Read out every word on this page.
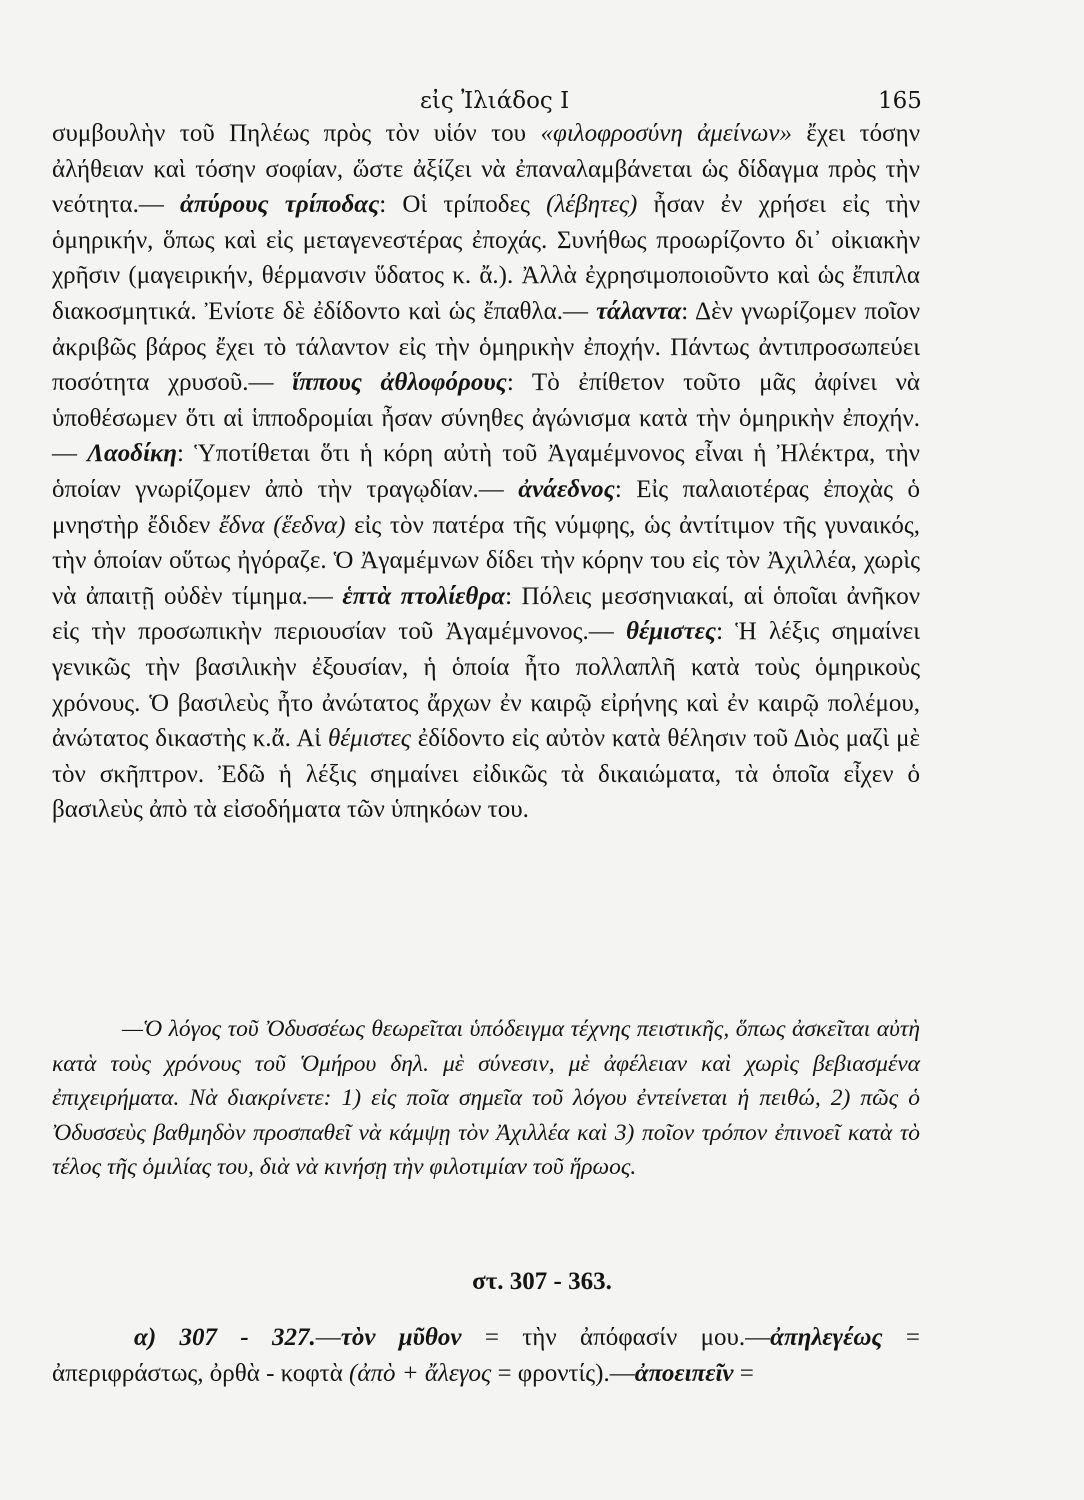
εἰς Ἰλιάδος Ι	165

συμβουλὴν τοῦ Πηλέως πρὸς τὸν υἱόν του «φιλοφροσύνη ἀμείνων» ἔχει τόσην ἀλήθειαν καὶ τόσην σοφίαν, ὥστε ἀξίζει νὰ ἐπαναλαμβάνεται ὡς δίδαγμα πρὸς τὴν νεότητα.— ἀπύρους τρίποδας: Οἱ τρίποδες (λέβητες) ἦσαν ἐν χρήσει εἰς τὴν ὁμηρικήν, ὅπως καὶ εἰς μεταγενεστέρας ἐποχάς. Συνήθως προωρίζοντο δι᾽ οἰκιακὴν χρῆσιν (μαγειρικήν, θέρμανσιν ὕδατος κ. ἄ.). Ἀλλὰ ἐχρησιμοποιοῦντο καὶ ὡς ἔπιπλα διακοσμητικά. Ἐνίοτε δὲ ἐδίδοντο καὶ ὡς ἔπαθλα.— τάλαντα: Δὲν γνωρίζομεν ποῖον ἀκριβῶς βάρος ἔχει τὸ τάλαντον εἰς τὴν ὁμηρικὴν ἐποχήν. Πάντως ἀντιπροσωπεύει ποσότητα χρυσοῦ.— ἵππους ἀθλοφόρους: Τὸ ἐπίθετον τοῦτο μᾶς ἀφίνει νὰ ὑποθέσωμεν ὅτι αἱ ἱπποδρομίαι ἦσαν σύνηθες ἀγώνισμα κατὰ τὴν ὁμηρικὴν ἐποχήν.— Λαοδίκη: Ὑποτίθεται ὅτι ἡ κόρη αὐτὴ τοῦ Ἀγαμέμνονος εἶναι ἡ Ἠλέκτρα, τὴν ὁποίαν γνωρίζομεν ἀπὸ τὴν τραγῳδίαν.— ἀνάεδνος: Εἰς παλαιοτέρας ἐποχὰς ὁ μνηστὴρ ἔδιδεν ἔδνα (ἕεδνα) εἰς τὸν πατέρα τῆς νύμφης, ὡς ἀντίτιμον τῆς γυναικός, τὴν ὁποίαν οὕτως ἠγόραζε. Ὁ Ἀγαμέμνων δίδει τὴν κόρην του εἰς τὸν Ἀχιλλέα, χωρὶς νὰ ἀπαιτῇ οὐδὲν τίμημα.— ἑπτὰ πτολίεθρα: Πόλεις μεσσηνιακαί, αἱ ὁποῖαι ἀνῆκον εἰς τὴν προσωπικὴν περιουσίαν τοῦ Ἀγαμέμνονος.— θέμιστες: Ἡ λέξις σημαίνει γενικῶς τὴν βασιλικὴν ἐξουσίαν, ἡ ὁποία ἦτο πολλαπλῆ κατὰ τοὺς ὁμηρικοὺς χρόνους. Ὁ βασιλεὺς ἦτο ἀνώτατος ἄρχων ἐν καιρῷ εἰρήνης καὶ ἐν καιρῷ πολέμου, ἀνώτατος δικαστὴς κ.ἄ. Αἱ θέμιστες ἐδίδοντο εἰς αὐτὸν κατὰ θέλησιν τοῦ Διὸς μαζὶ μὲ τὸν σκῆπτρον. Ἐδῶ ἡ λέξις σημαίνει εἰδικῶς τὰ δικαιώματα, τὰ ὁποῖα εἶχεν ὁ βασιλεὺς ἀπὸ τὰ εἰσοδήματα τῶν ὑπηκόων του.

—Ὁ λόγος τοῦ Ὀδυσσέως θεωρεῖται ὑπόδειγμα τέχνης πειστικῆς, ὅπως ἀσκεῖται αὐτὴ κατὰ τοὺς χρόνους τοῦ Ὁμήρου δηλ. μὲ σύνεσιν, μὲ ἀφέλειαν καὶ χωρὶς βεβιασμένα ἐπιχειρήματα. Νὰ διακρίνετε: 1) εἰς ποῖα σημεῖα τοῦ λόγου ἐντείνεται ἡ πειθώ, 2) πῶς ὁ Ὀδυσσεὺς βαθμηδὸν προσπαθεῖ νὰ κάμψῃ τὸν Ἀχιλλέα καὶ 3) ποῖον τρόπον ἐπινοεῖ κατὰ τὸ τέλος τῆς ὁμιλίας του, διὰ νὰ κινήσῃ τὴν φιλοτιμίαν τοῦ ἥρωος.

στ. 307 - 363.

α) 307 - 327.—τὸν μῦθον = τὴν ἀπόφασίν μου.—ἀπηλεγέως = ἀπεριφράστως, ὀρθὰ - κοφτὰ (ἀπὸ + ἄλεγος = φροντίς).—ἀποειπεῖν =
